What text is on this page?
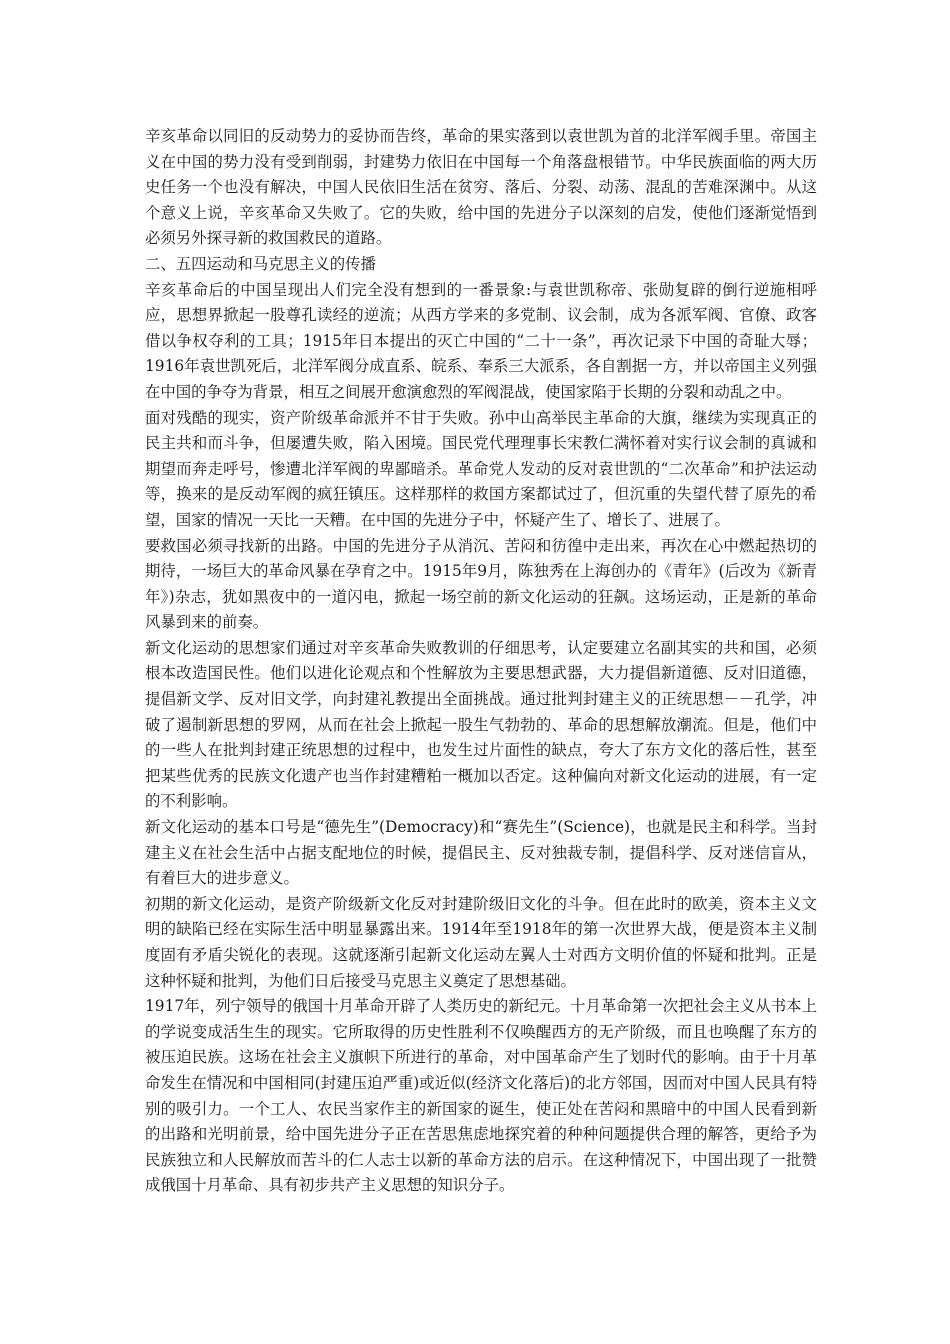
辛亥革命以同旧的反动势力的妥协而告终，革命的果实落到以袁世凯为首的北洋军阀手里。帝国主义在中国的势力没有受到削弱，封建势力依旧在中国每一个角落盘根错节。中华民族面临的两大历史任务一个也没有解决，中国人民依旧生活在贫穷、落后、分裂、动荡、混乱的苦难深渊中。从这个意义上说，辛亥革命又失败了。它的失败，给中国的先进分子以深刻的启发，使他们逐渐觉悟到必须另外探寻新的救国救民的道路。

二、五四运动和马克思主义的传播

辛亥革命后的中国呈现出人们完全没有想到的一番景象:与袁世凯称帝、张勋复辟的倒行逆施相呼应，思想界掀起一股尊孔读经的逆流；从西方学来的多党制、议会制，成为各派军阀、官僚、政客借以争权夺利的工具；1915年日本提出的灭亡中国的“二十一条”，再次记录下中国的奇耻大辱；1916年袁世凯死后，北洋军阀分成直系、皖系、奉系三大派系，各自割据一方，并以帝国主义列强在中国的争夺为背景，相互之间展开愈演愈烈的军阀混战，使国家陷于长期的分裂和动乱之中。

面对残酷的现实，资产阶级革命派并不甘于失败。孙中山高举民主革命的大旗，继续为实现真正的民主共和而斗争，但屡遭失败，陷入困境。国民党代理理事长宋教仁满怀着对实行议会制的真诚和期望而奔走呼号，惨遭北洋军阀的卑鄙暗杀。革命党人发动的反对袁世凯的“二次革命”和护法运动等，换来的是反动军阀的疯狂镇压。这样那样的救国方案都试过了，但沉重的失望代替了原先的希望，国家的情况一天比一天糟。在中国的先进分子中，怀疑产生了、增长了、进展了。

要救国必须寻找新的出路。中国的先进分子从消沉、苦闷和彷徨中走出来，再次在心中燃起热切的期待，一场巨大的革命风暴在孕育之中。1915年9月，陈独秀在上海创办的《青年》(后改为《新青年》)杂志，犹如黑夜中的一道闪电，掀起一场空前的新文化运动的狂飙。这场运动，正是新的革命风暴到来的前奏。

新文化运动的思想家们通过对辛亥革命失败教训的仔细思考，认定要建立名副其实的共和国，必须根本改造国民性。他们以进化论观点和个性解放为主要思想武器，大力提倡新道德、反对旧道德，提倡新文学、反对旧文学，向封建礼教提出全面挑战。通过批判封建主义的正统思想－－孔学，冲破了遏制新思想的罗网，从而在社会上掀起一股生气勃勃的、革命的思想解放潮流。但是，他们中的一些人在批判封建正统思想的过程中，也发生过片面性的缺点，夸大了东方文化的落后性，甚至把某些优秀的民族文化遗产也当作封建糟粕一概加以否定。这种偏向对新文化运动的进展，有一定的不利影响。

新文化运动的基本口号是“德先生”(Democracy)和“赛先生”(Science)，也就是民主和科学。当封建主义在社会生活中占据支配地位的时候，提倡民主、反对独裁专制，提倡科学、反对迷信盲从，有着巨大的进步意义。

初期的新文化运动，是资产阶级新文化反对封建阶级旧文化的斗争。但在此时的欧美，资本主义文明的缺陷已经在实际生活中明显暴露出来。1914年至1918年的第一次世界大战，便是资本主义制度固有矛盾尖锐化的表现。这就逐渐引起新文化运动左翼人士对西方文明价值的怀疑和批判。正是这种怀疑和批判，为他们日后接受马克思主义奠定了思想基础。

1917年，列宁领导的俄国十月革命开辟了人类历史的新纪元。十月革命第一次把社会主义从书本上的学说变成活生生的现实。它所取得的历史性胜利不仅唤醒西方的无产阶级，而且也唤醒了东方的被压迫民族。这场在社会主义旗帜下所进行的革命，对中国革命产生了划时代的影响。由于十月革命发生在情况和中国相同(封建压迫严重)或近似(经济文化落后)的北方邻国，因而对中国人民具有特别的吸引力。一个工人、农民当家作主的新国家的诞生，使正处在苦闷和黑暗中的中国人民看到新的出路和光明前景，给中国先进分子正在苦思焦虑地探究着的种种问题提供合理的解答，更给予为民族独立和人民解放而苦斗的仁人志士以新的革命方法的启示。在这种情况下，中国出现了一批赞成俄国十月革命、具有初步共产主义思想的知识分子。
